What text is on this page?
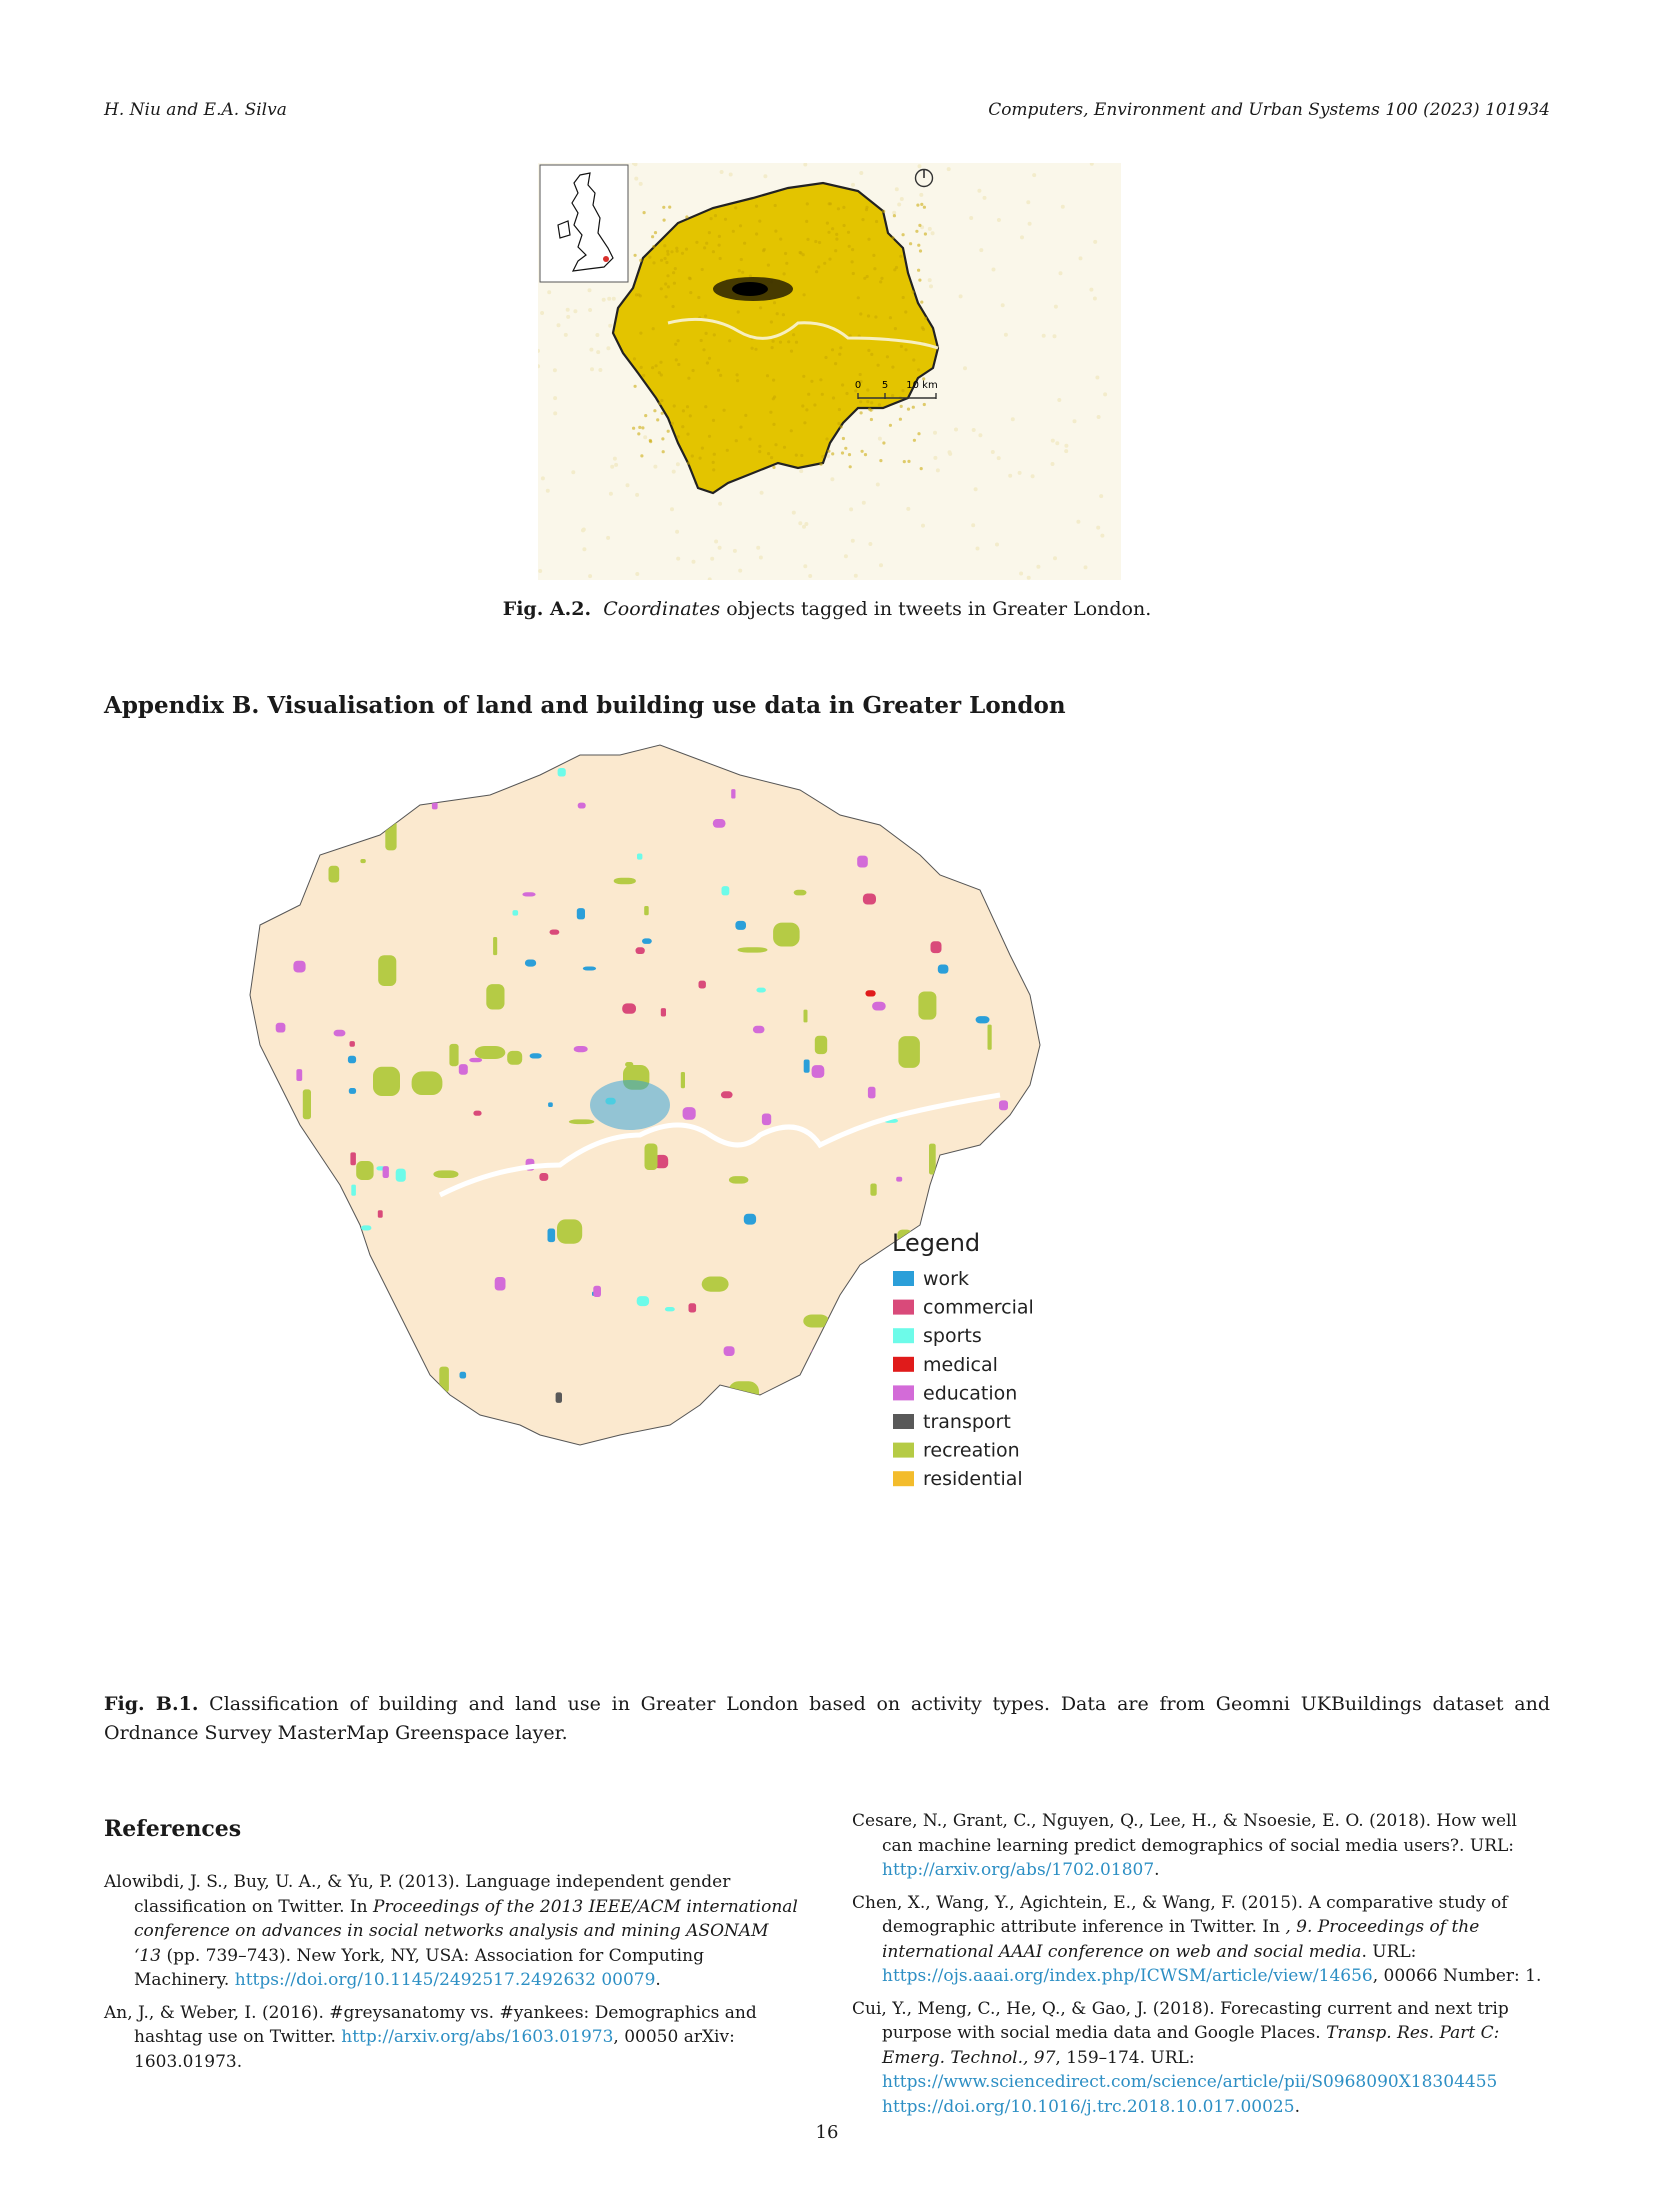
H. Niu and E.A. Silva	Computers, Environment and Urban Systems 100 (2023) 101934
0 5 10 km
Fig. A.2. Coordinates objects tagged in tweets in Greater London.
Appendix B. Visualisation of land and building use data in Greater London
Legend
work
commercial
sports
medical
education
transport
recreation
residential
Fig. B.1. Classification of building and land use in Greater London based on activity types. Data are from Geomni UKBuildings dataset and Ordnance Survey MasterMap Greenspace layer.
References
Alowibdi, J. S., Buy, U. A., & Yu, P. (2013). Language independent gender classification on Twitter. In Proceedings of the 2013 IEEE/ACM international conference on advances in social networks analysis and mining ASONAM ‘13 (pp. 739–743). New York, NY, USA: Association for Computing Machinery. https://doi.org/10.1145/2492517.2492632 00079.
An, J., & Weber, I. (2016). #greysanatomy vs. #yankees: Demographics and hashtag use on Twitter. http://arxiv.org/abs/1603.01973, 00050 arXiv: 1603.01973.
Cesare, N., Grant, C., Nguyen, Q., Lee, H., & Nsoesie, E. O. (2018). How well can machine learning predict demographics of social media users?. URL: http://arxiv.org/abs/1702.01807.
Chen, X., Wang, Y., Agichtein, E., & Wang, F. (2015). A comparative study of demographic attribute inference in Twitter. In , 9. Proceedings of the international AAAI conference on web and social media. URL: https://ojs.aaai.org/index.php/ICWSM/article/view/14656, 00066 Number: 1.
Cui, Y., Meng, C., He, Q., & Gao, J. (2018). Forecasting current and next trip purpose with social media data and Google Places. Transp. Res. Part C: Emerg. Technol., 97, 159–174. URL: https://www.sciencedirect.com/science/article/pii/S0968090X18304455 https://doi.org/10.1016/j.trc.2018.10.017.00025.
16
